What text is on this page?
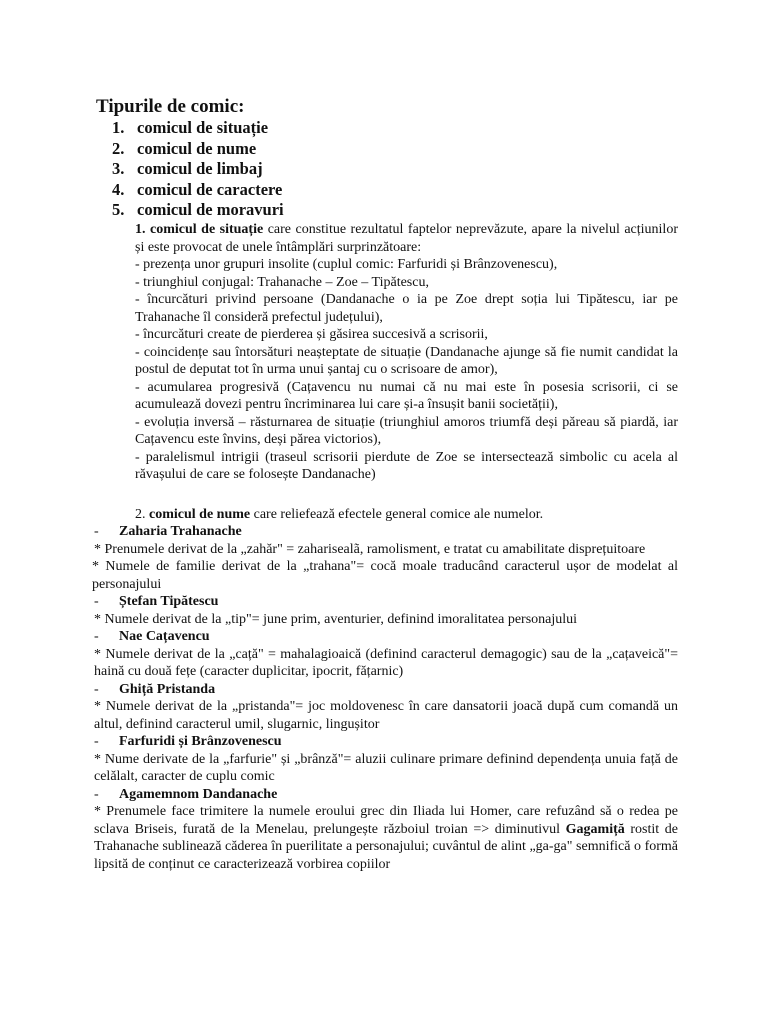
Tipurile de comic:
1. comicul de situație
2. comicul de nume
3. comicul de limbaj
4. comicul de caractere
5. comicul de moravuri

1. comicul de situație care constitue rezultatul faptelor neprevăzute, apare la nivelul acțiunilor și este provocat de unele întâmplări surprinzătoare:

- prezența unor grupuri insolite (cuplul comic: Farfuridi și Brânzovenescu),

- triunghiul conjugal: Trahanache – Zoe – Tipătescu,

- încurcături privind persoane (Dandanache o ia pe Zoe drept soția lui Tipătescu, iar pe Trahanache îl consideră prefectul județului),

- încurcături create de pierderea și găsirea succesivă a scrisorii,

- coincidențe sau întorsături neașteptate de situație (Dandanache ajunge să fie numit candidat la postul de deputat tot în urma unui șantaj cu o scrisoare de amor),

- acumularea progresivă (Cațavencu nu numai că nu mai este în posesia scrisorii, ci se acumulează dovezi pentru încriminarea lui care și-a însușit banii societății),

- evoluția inversă – răsturnarea de situație (triunghiul amoros triumfă deși păreau să piardă, iar Cațavencu este învins, deși părea victorios),

- paralelismul intrigii (traseul scrisorii pierdute de Zoe se intersectează simbolic cu acela al răvașului de care se folosește Dandanache)

2. comicul de nume care reliefează efectele general comice ale numelor.

- Zaharia Trahanache

* Prenumele derivat de la „zahăr" = zaharisealã, ramolisment, e tratat cu amabilitate disprețuitoare

* Numele de familie derivat de la „trahana"= cocă moale traducând caracterul ușor de modelat al personajului

- Ștefan Tipătescu

* Numele derivat de la „tip"= june prim, aventurier, definind imoralitatea personajului

- Nae Cațavencu

* Numele derivat de la „cață" = mahalagioaică (definind caracterul demagogic) sau de la „cațaveică"= haină cu două fețe (caracter duplicitar, ipocrit, fățarnic)

- Ghiță Pristanda

* Numele derivat de la „pristanda"= joc moldovenesc în care dansatorii joacă după cum comandă un altul, definind caracterul umil, slugarnic, lingușitor

- Farfuridi și Brânzovenescu

* Nume derivate de la „farfurie" și „brânză"= aluzii culinare primare definind dependența unuia față de celălalt, caracter de cuplu comic

- Agamemnom Dandanache

* Prenumele face trimitere la numele eroului grec din Iliada lui Homer, care refuzând să o redea pe sclava Briseis, furată de la Menelau, prelungește războiul troian => diminutivul Gagamiță rostit de Trahanache sublinează căderea în puerilitate a personajului; cuvântul de alint „ga-ga" semnifică o formă lipsită de conținut ce caracterizează vorbirea copiilor
